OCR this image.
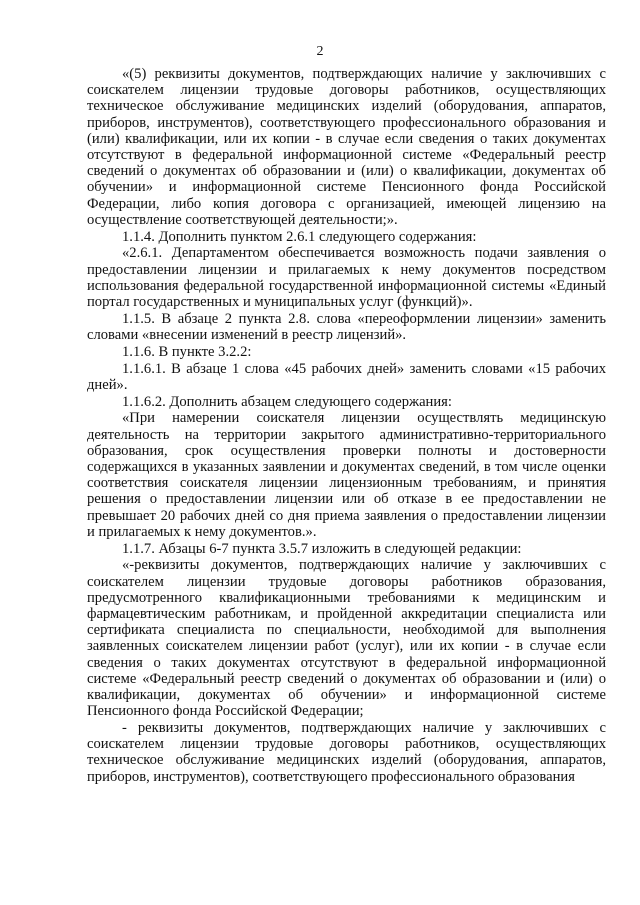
2

«(5) реквизиты документов, подтверждающих наличие у заключивших с соискателем лицензии трудовые договоры работников, осуществляющих техническое обслуживание медицинских изделий (оборудования, аппаратов, приборов, инструментов), соответствующего профессионального образования и (или) квалификации, или их копии - в случае если сведения о таких документах отсутствуют в федеральной информационной системе «Федеральный реестр сведений о документах об образовании и (или) о квалификации, документах об обучении» и информационной системе Пенсионного фонда Российской Федерации, либо копия договора с организацией, имеющей лицензию на осуществление соответствующей деятельности;».

1.1.4. Дополнить пунктом 2.6.1 следующего содержания:

«2.6.1. Департаментом обеспечивается возможность подачи заявления о предоставлении лицензии и прилагаемых к нему документов посредством использования федеральной государственной информационной системы «Единый портал государственных и муниципальных услуг (функций)».

1.1.5. В абзаце 2 пункта 2.8. слова «переоформлении лицензии» заменить словами «внесении изменений в реестр лицензий».

1.1.6. В пункте 3.2.2:

1.1.6.1. В абзаце 1 слова «45 рабочих дней» заменить словами «15 рабочих дней».

1.1.6.2. Дополнить абзацем следующего содержания:

«При намерении соискателя лицензии осуществлять медицинскую деятельность на территории закрытого административно-территориального образования, срок осуществления проверки полноты и достоверности содержащихся в указанных заявлении и документах сведений, в том числе оценки соответствия соискателя лицензии лицензионным требованиям, и принятия решения о предоставлении лицензии или об отказе в ее предоставлении не превышает 20 рабочих дней со дня приема заявления о предоставлении лицензии и прилагаемых к нему документов.».

1.1.7. Абзацы 6-7 пункта 3.5.7 изложить в следующей редакции:

«-реквизиты документов, подтверждающих наличие у заключивших с соискателем лицензии трудовые договоры работников образования, предусмотренного квалификационными требованиями к медицинским и фармацевтическим работникам, и пройденной аккредитации специалиста или сертификата специалиста по специальности, необходимой для выполнения заявленных соискателем лицензии работ (услуг), или их копии - в случае если сведения о таких документах отсутствуют в федеральной информационной системе «Федеральный реестр сведений о документах об образовании и (или) о квалификации, документах об обучении» и информационной системе Пенсионного фонда Российской Федерации;

- реквизиты документов, подтверждающих наличие у заключивших с соискателем лицензии трудовые договоры работников, осуществляющих техническое обслуживание медицинских изделий (оборудования, аппаратов, приборов, инструментов), соответствующего профессионального образования
